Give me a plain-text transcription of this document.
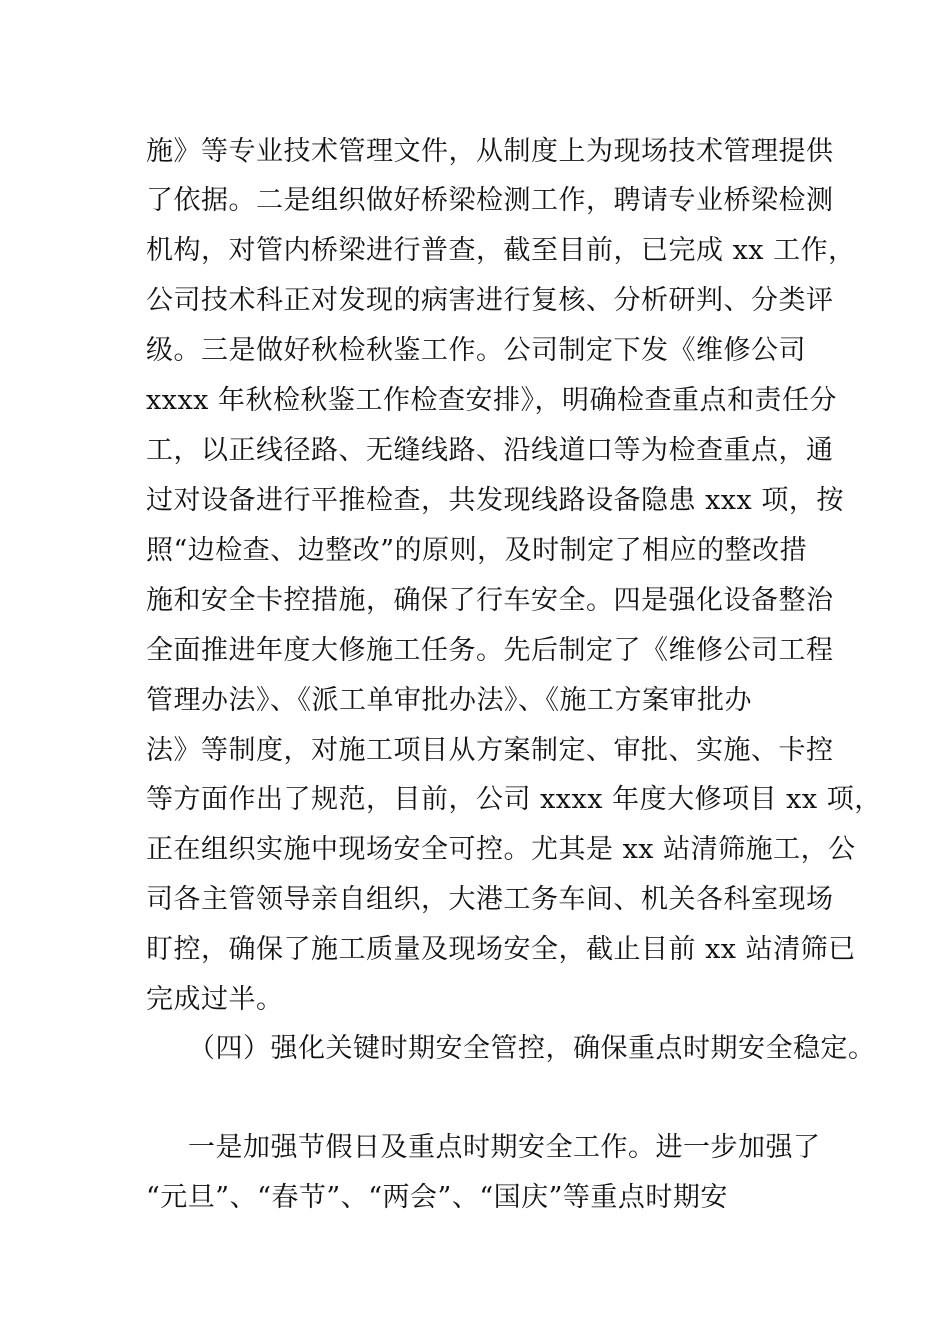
施》等专业技术管理文件，从制度上为现场技术管理提供
了依据。二是组织做好桥梁检测工作，聘请专业桥梁检测
机构，对管内桥梁进行普查，截至目前，已完成 xx 工作，
公司技术科正对发现的病害进行复核、分析研判、分类评
级。三是做好秋检秋鉴工作。公司制定下发《维修公司
xxxx 年秋检秋鉴工作检查安排》，明确检查重点和责任分
工，以正线径路、无缝线路、沿线道口等为检查重点，通
过对设备进行平推检查，共发现线路设备隐患 xxx 项，按
照“边检查、边整改”的原则，及时制定了相应的整改措
施和安全卡控措施，确保了行车安全。四是强化设备整治
全面推进年度大修施工任务。先后制定了《维修公司工程
管理办法》、《派工单审批办法》、《施工方案审批办
法》等制度，对施工项目从方案制定、审批、实施、卡控
等方面作出了规范，目前，公司 xxxx 年度大修项目 xx 项，
正在组织实施中现场安全可控。尤其是 xx 站清筛施工，公
司各主管领导亲自组织，大港工务车间、机关各科室现场
盯控，确保了施工质量及现场安全，截止目前 xx 站清筛已
完成过半。
（四）强化关键时期安全管控，确保重点时期安全稳定。
一是加强节假日及重点时期安全工作。进一步加强了
“元旦”、“春节”、“两会”、“国庆”等重点时期安
